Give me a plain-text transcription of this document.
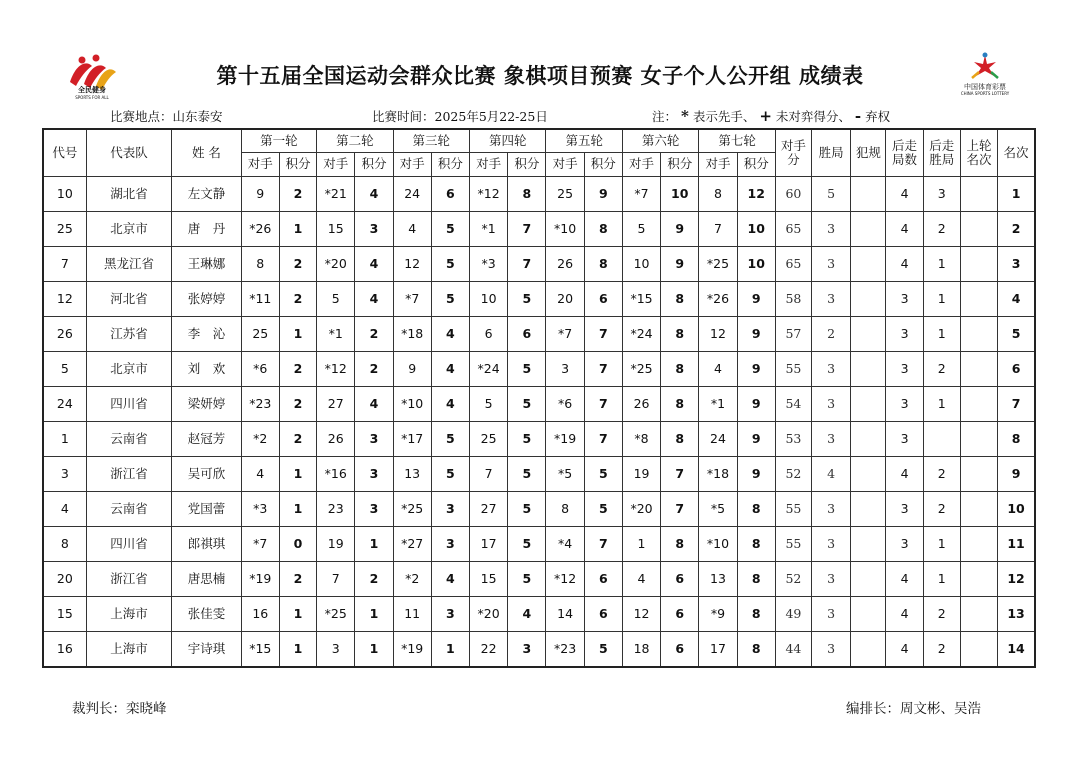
全民健身
SPORTS FOR ALL
中国体育彩票
CHINA SPORTS LOTTERY
第十五届全国运动会群众比赛 象棋项目预赛 女子个人公开组 成绩表
比赛地点：山东泰安	比赛时间：2025年5月22-25日	注： * 表示先手、 + 未对弈得分、 - 弃权
代号	代表队	姓 名	第一轮		第二轮		第三轮		第四轮		第五轮		第六轮		第七轮		对手分	胜局	犯规	后走局数	后走胜局	上轮名次	名次
			对手	积分	对手	积分	对手	积分	对手	积分	对手	积分	对手	积分	对手	积分							
10	湖北省	左文静	9	2	*21	4	24	6	*12	8	25	9	*7	10	8	12	60	5		4	3		1
25	北京市	唐　丹	*26	1	15	3	4	5	*1	7	*10	8	5	9	7	10	65	3		4	2		2
7	黑龙江省	王琳娜	8	2	*20	4	12	5	*3	7	26	8	10	9	*25	10	65	3		4	1		3
12	河北省	张婷婷	*11	2	5	4	*7	5	10	5	20	6	*15	8	*26	9	58	3		3	1		4
26	江苏省	李　沁	25	1	*1	2	*18	4	6	6	*7	7	*24	8	12	9	57	2		3	1		5
5	北京市	刘　欢	*6	2	*12	2	9	4	*24	5	3	7	*25	8	4	9	55	3		3	2		6
24	四川省	梁妍婷	*23	2	27	4	*10	4	5	5	*6	7	26	8	*1	9	54	3		3	1		7
1	云南省	赵冠芳	*2	2	26	3	*17	5	25	5	*19	7	*8	8	24	9	53	3		3			8
3	浙江省	吴可欣	4	1	*16	3	13	5	7	5	*5	5	19	7	*18	9	52	4		4	2		9
4	云南省	党国蕾	*3	1	23	3	*25	3	27	5	8	5	*20	7	*5	8	55	3		3	2		10
8	四川省	郎祺琪	*7	0	19	1	*27	3	17	5	*4	7	1	8	*10	8	55	3		3	1		11
20	浙江省	唐思楠	*19	2	7	2	*2	4	15	5	*12	6	4	6	13	8	52	3		4	1		12
15	上海市	张佳雯	16	1	*25	1	11	3	*20	4	14	6	12	6	*9	8	49	3		4	2		13
16	上海市	宇诗琪	*15	1	3	1	*19	1	22	3	*23	5	18	6	17	8	44	3		4	2		14
裁判长：栾晓峰	编排长：周文彬、吴浩
